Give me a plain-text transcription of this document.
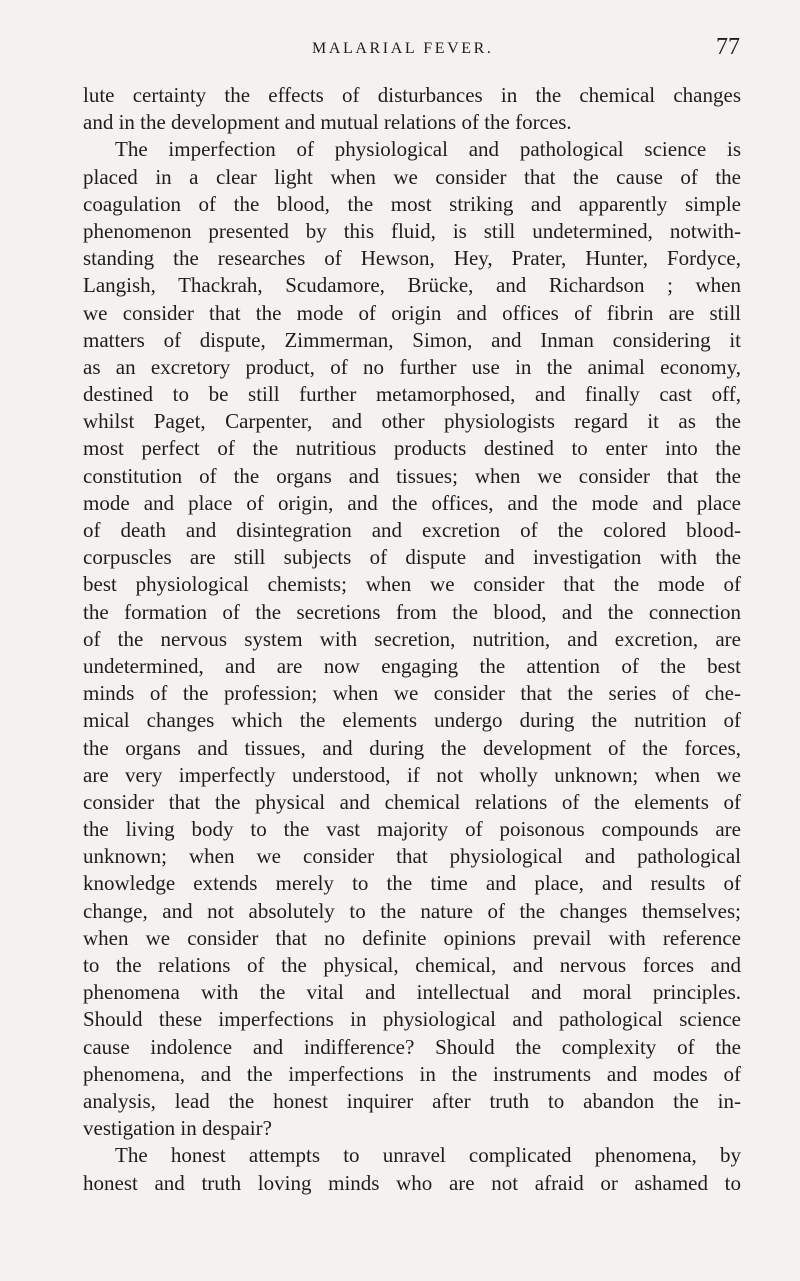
MALARIAL FEVER.	77
lute certainty the effects of disturbances in the chemical changes
and in the development and mutual relations of the forces.
The imperfection of physiological and pathological science is
placed in a clear light when we consider that the cause of the
coagulation of the blood, the most striking and apparently simple
phenomenon presented by this fluid, is still undetermined, notwith-
standing the researches of Hewson, Hey, Prater, Hunter, Fordyce,
Langish, Thackrah, Scudamore, Brücke, and Richardson ; when
we consider that the mode of origin and offices of fibrin are still
matters of dispute, Zimmerman, Simon, and Inman considering it
as an excretory product, of no further use in the animal economy,
destined to be still further metamorphosed, and finally cast off,
whilst Paget, Carpenter, and other physiologists regard it as the
most perfect of the nutritious products destined to enter into the
constitution of the organs and tissues; when we consider that the
mode and place of origin, and the offices, and the mode and place
of death and disintegration and excretion of the colored blood-
corpuscles are still subjects of dispute and investigation with the
best physiological chemists; when we consider that the mode of
the formation of the secretions from the blood, and the connection
of the nervous system with secretion, nutrition, and excretion, are
undetermined, and are now engaging the attention of the best
minds of the profession; when we consider that the series of che-
mical changes which the elements undergo during the nutrition of
the organs and tissues, and during the development of the forces,
are very imperfectly understood, if not wholly unknown; when we
consider that the physical and chemical relations of the elements of
the living body to the vast majority of poisonous compounds are
unknown; when we consider that physiological and pathological
knowledge extends merely to the time and place, and results of
change, and not absolutely to the nature of the changes themselves;
when we consider that no definite opinions prevail with reference
to the relations of the physical, chemical, and nervous forces and
phenomena with the vital and intellectual and moral principles.
Should these imperfections in physiological and pathological science
cause indolence and indifference? Should the complexity of the
phenomena, and the imperfections in the instruments and modes of
analysis, lead the honest inquirer after truth to abandon the in-
vestigation in despair?
The honest attempts to unravel complicated phenomena, by
honest and truth loving minds who are not afraid or ashamed to
